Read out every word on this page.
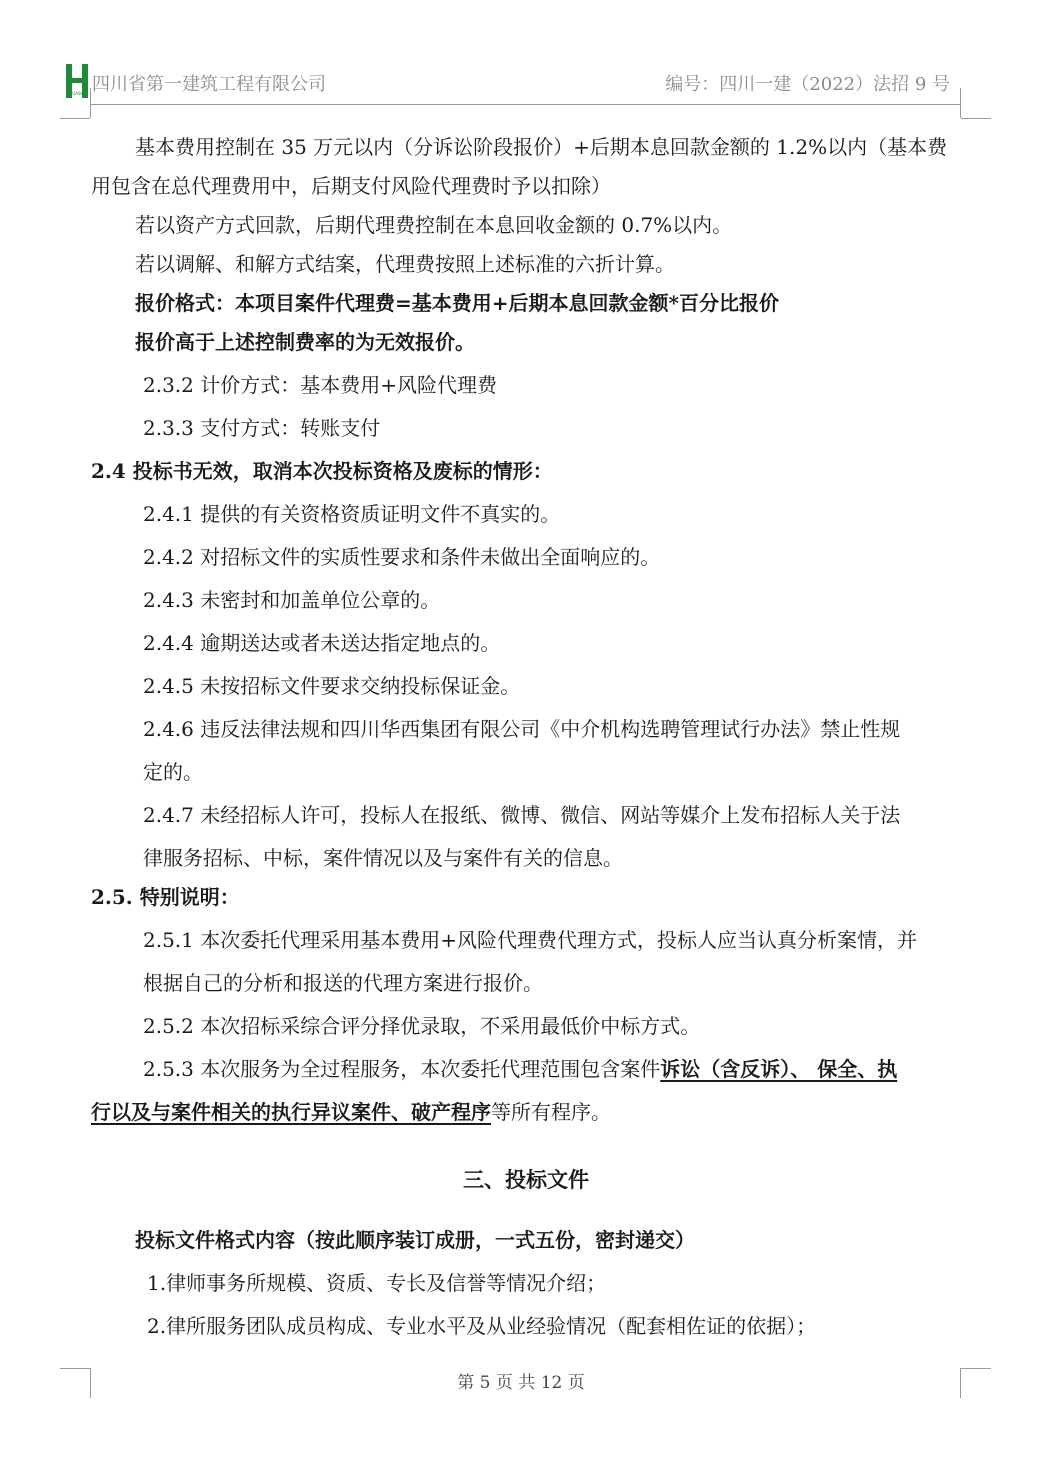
HUASHI 四川省第一建筑工程有限公司	编号：四川一建（2022）法招 9 号

基本费用控制在 35 万元以内（分诉讼阶段报价）+后期本息回款金额的 1.2%以内（基本费用包含在总代理费用中，后期支付风险代理费时予以扣除）

若以资产方式回款，后期代理费控制在本息回收金额的 0.7%以内。

若以调解、和解方式结案，代理费按照上述标准的六折计算。

报价格式：本项目案件代理费=基本费用+后期本息回款金额*百分比报价

报价高于上述控制费率的为无效报价。

2.3.2 计价方式：基本费用+风险代理费

2.3.3 支付方式：转账支付

2.4 投标书无效，取消本次投标资格及废标的情形：

2.4.1 提供的有关资格资质证明文件不真实的。

2.4.2 对招标文件的实质性要求和条件未做出全面响应的。

2.4.3 未密封和加盖单位公章的。

2.4.4 逾期送达或者未送达指定地点的。

2.4.5 未按招标文件要求交纳投标保证金。

2.4.6 违反法律法规和四川华西集团有限公司《中介机构选聘管理试行办法》禁止性规
定的。
2.4.7 未经招标人许可，投标人在报纸、微博、微信、网站等媒介上发布招标人关于法
律服务招标、中标，案件情况以及与案件有关的信息。

2.5. 特别说明：

2.5.1 本次委托代理采用基本费用+风险代理费代理方式，投标人应当认真分析案情，并
根据自己的分析和报送的代理方案进行报价。

2.5.2 本次招标采综合评分择优录取，不采用最低价中标方式。

2.5.3 本次服务为全过程服务，本次委托代理范围包含案件诉讼（含反诉）、 保全、执
行以及与案件相关的执行异议案件、破产程序等所有程序。
三、投标文件

投标文件格式内容（按此顺序装订成册，一式五份，密封递交）

1.律师事务所规模、资质、专长及信誉等情况介绍；

2.律所服务团队成员构成、专业水平及从业经验情况（配套相佐证的依据）；

第 5 页 共 12 页
